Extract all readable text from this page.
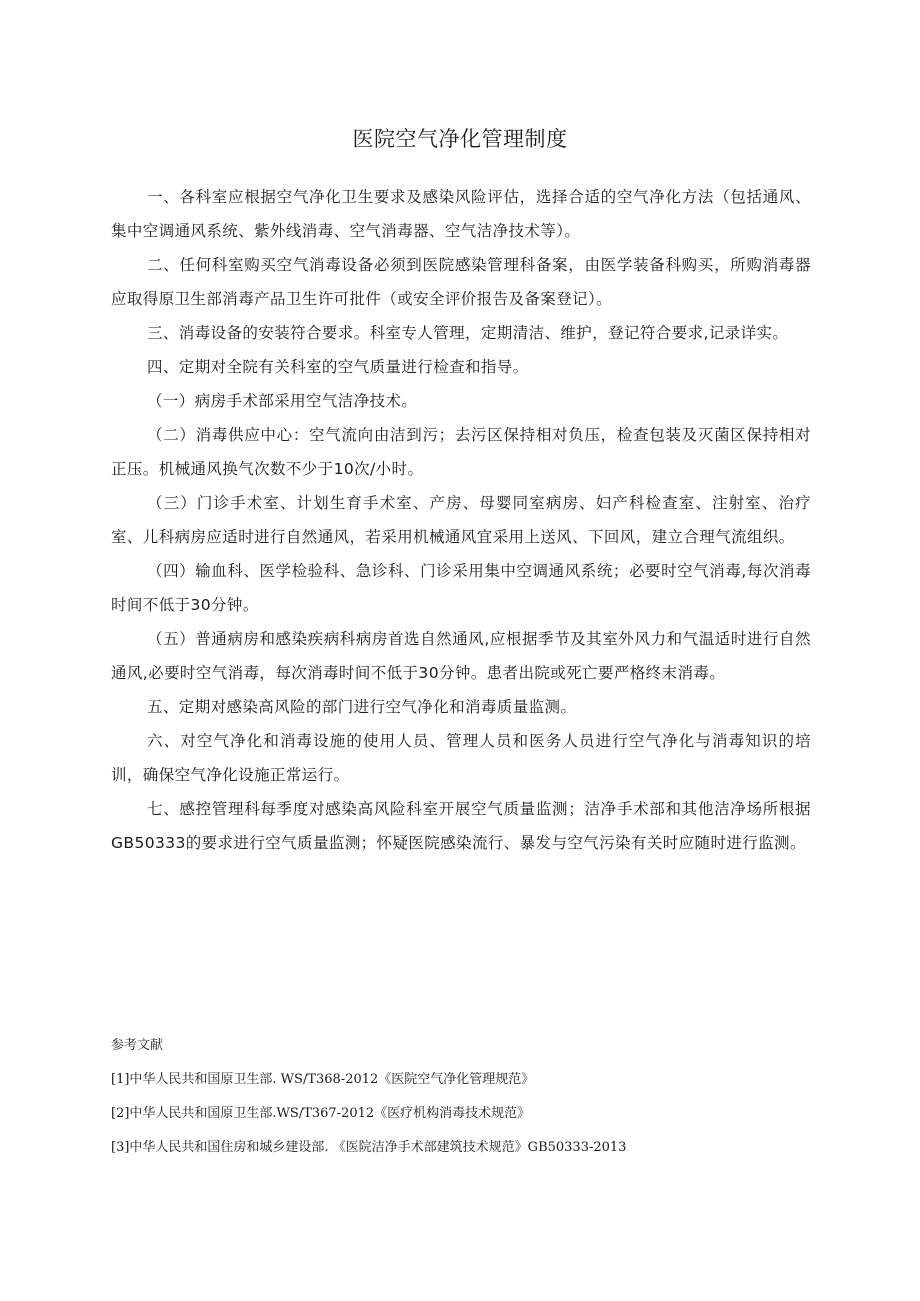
医院空气净化管理制度

一、各科室应根据空气净化卫生要求及感染风险评估，选择合适的空气净化方法（包括通风、集中空调通风系统、紫外线消毒、空气消毒器、空气洁净技术等）。

二、任何科室购买空气消毒设备必须到医院感染管理科备案，由医学装备科购买，所购消毒器应取得原卫生部消毒产品卫生许可批件（或安全评价报告及备案登记）。

三、消毒设备的安装符合要求。科室专人管理，定期清洁、维护，登记符合要求,记录详实。

四、定期对全院有关科室的空气质量进行检查和指导。

（一）病房手术部采用空气洁净技术。

（二）消毒供应中心：空气流向由洁到污；去污区保持相对负压，检查包装及灭菌区保持相对正压。机械通风换气次数不少于10次/小时。

（三）门诊手术室、计划生育手术室、产房、母婴同室病房、妇产科检查室、注射室、治疗室、儿科病房应适时进行自然通风，若采用机械通风宜采用上送风、下回风，建立合理气流组织。

（四）输血科、医学检验科、急诊科、门诊采用集中空调通风系统；必要时空气消毒,每次消毒时间不低于30分钟。

（五）普通病房和感染疾病科病房首选自然通风,应根据季节及其室外风力和气温适时进行自然通风,必要时空气消毒，每次消毒时间不低于30分钟。患者出院或死亡要严格终末消毒。

五、定期对感染高风险的部门进行空气净化和消毒质量监测。

六、对空气净化和消毒设施的使用人员、管理人员和医务人员进行空气净化与消毒知识的培训，确保空气净化设施正常运行。

七、感控管理科每季度对感染高风险科室开展空气质量监测；洁净手术部和其他洁净场所根据GB50333的要求进行空气质量监测；怀疑医院感染流行、暴发与空气污染有关时应随时进行监测。

参考文献

[1]中华人民共和国原卫生部. WS/T368-2012《医院空气净化管理规范》

[2]中华人民共和国原卫生部.WS/T367-2012《医疗机构消毒技术规范》

[3]中华人民共和国住房和城乡建设部. 《医院洁净手术部建筑技术规范》GB50333-2013
